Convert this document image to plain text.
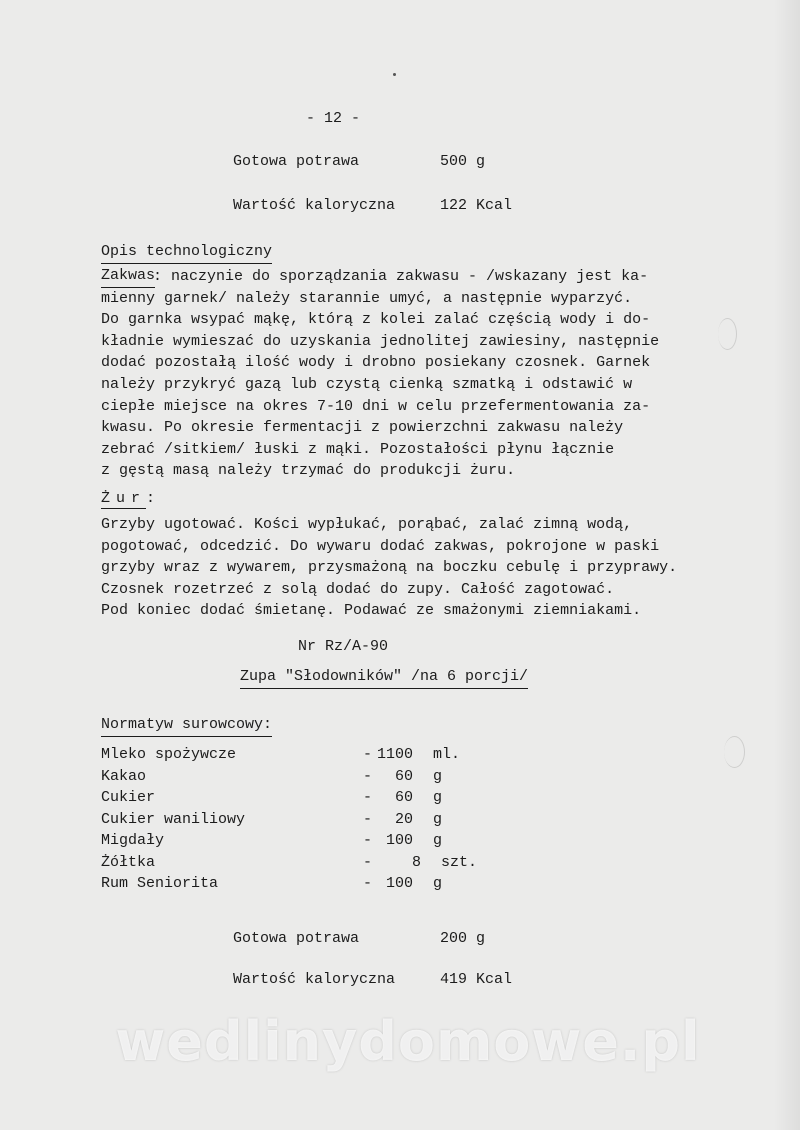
- 12 -
Gotowa potrawa	500 g
Wartość kaloryczna	122 Kcal
Opis technologiczny
Zakwas
: naczynie do sporządzania zakwasu - /wskazany jest ka-
mienny garnek/ należy starannie umyć, a następnie wyparzyć.
Do garnka wsypać mąkę, którą z kolei zalać częścią wody i do-
kładnie wymieszać do uzyskania jednolitej zawiesiny, następnie
dodać pozostałą ilość wody i drobno posiekany czosnek. Garnek
należy przykryć gazą lub czystą cienką szmatką i odstawić w
ciepłe miejsce na okres 7-10 dni w celu przefermentowania za-
kwasu. Po okresie fermentacji z powierzchni zakwasu należy
zebrać /sitkiem/ łuski z mąki. Pozostałości płynu łącznie
z gęstą masą należy trzymać do produkcji żuru.
Żur:
Grzyby ugotować. Kości wypłukać, porąbać, zalać zimną wodą,
pogotować, odcedzić. Do wywaru dodać zakwas, pokrojone w paski
grzyby wraz z wywarem, przysmażoną na boczku cebulę i przyprawy.
Czosnek rozetrzeć z solą dodać do zupy. Całość zagotować.
Pod koniec dodać śmietanę. Podawać ze smażonymi ziemniakami.
Nr Rz/A-90
Zupa "Słodowników" /na 6 porcji/
Normatyw surowcowy:
Mleko spożywcze	- 1100 ml.
Kakao	- 60 g
Cukier	- 60 g
Cukier waniliowy	- 20 g
Migdały	- 100 g
Żółtka	-	8 szt.
Rum Seniorita	- 100 g
Gotowa potrawa	200 g
Wartość kaloryczna	419 Kcal
wedlinydomowe.pl
